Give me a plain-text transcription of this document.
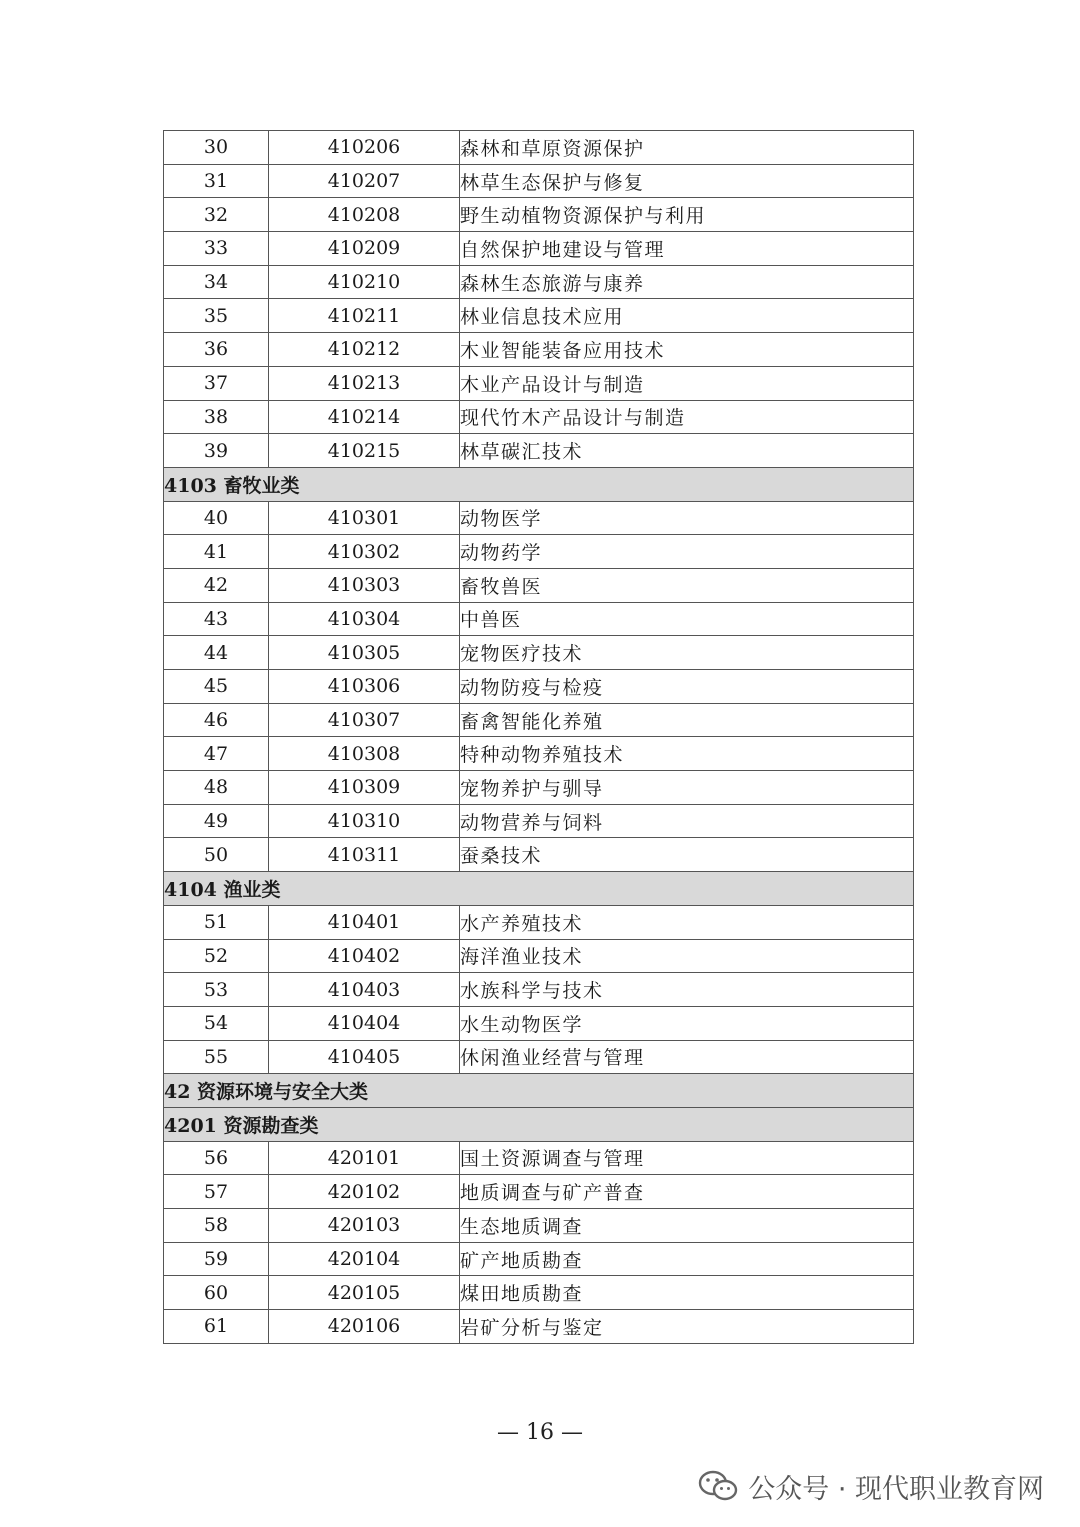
30	410206	森林和草原资源保护
31	410207	林草生态保护与修复
32	410208	野生动植物资源保护与利用
33	410209	自然保护地建设与管理
34	410210	森林生态旅游与康养
35	410211	林业信息技术应用
36	410212	木业智能装备应用技术
37	410213	木业产品设计与制造
38	410214	现代竹木产品设计与制造
39	410215	林草碳汇技术
4103 畜牧业类		
40	410301	动物医学
41	410302	动物药学
42	410303	畜牧兽医
43	410304	中兽医
44	410305	宠物医疗技术
45	410306	动物防疫与检疫
46	410307	畜禽智能化养殖
47	410308	特种动物养殖技术
48	410309	宠物养护与驯导
49	410310	动物营养与饲料
50	410311	蚕桑技术
4104 渔业类		
51	410401	水产养殖技术
52	410402	海洋渔业技术
53	410403	水族科学与技术
54	410404	水生动物医学
55	410405	休闲渔业经营与管理
42 资源环境与安全大类		
4201 资源勘查类		
56	420101	国土资源调查与管理
57	420102	地质调查与矿产普查
58	420103	生态地质调查
59	420104	矿产地质勘查
60	420105	煤田地质勘查
61	420106	岩矿分析与鉴定
— 16 —
公众号 · 现代职业教育网
